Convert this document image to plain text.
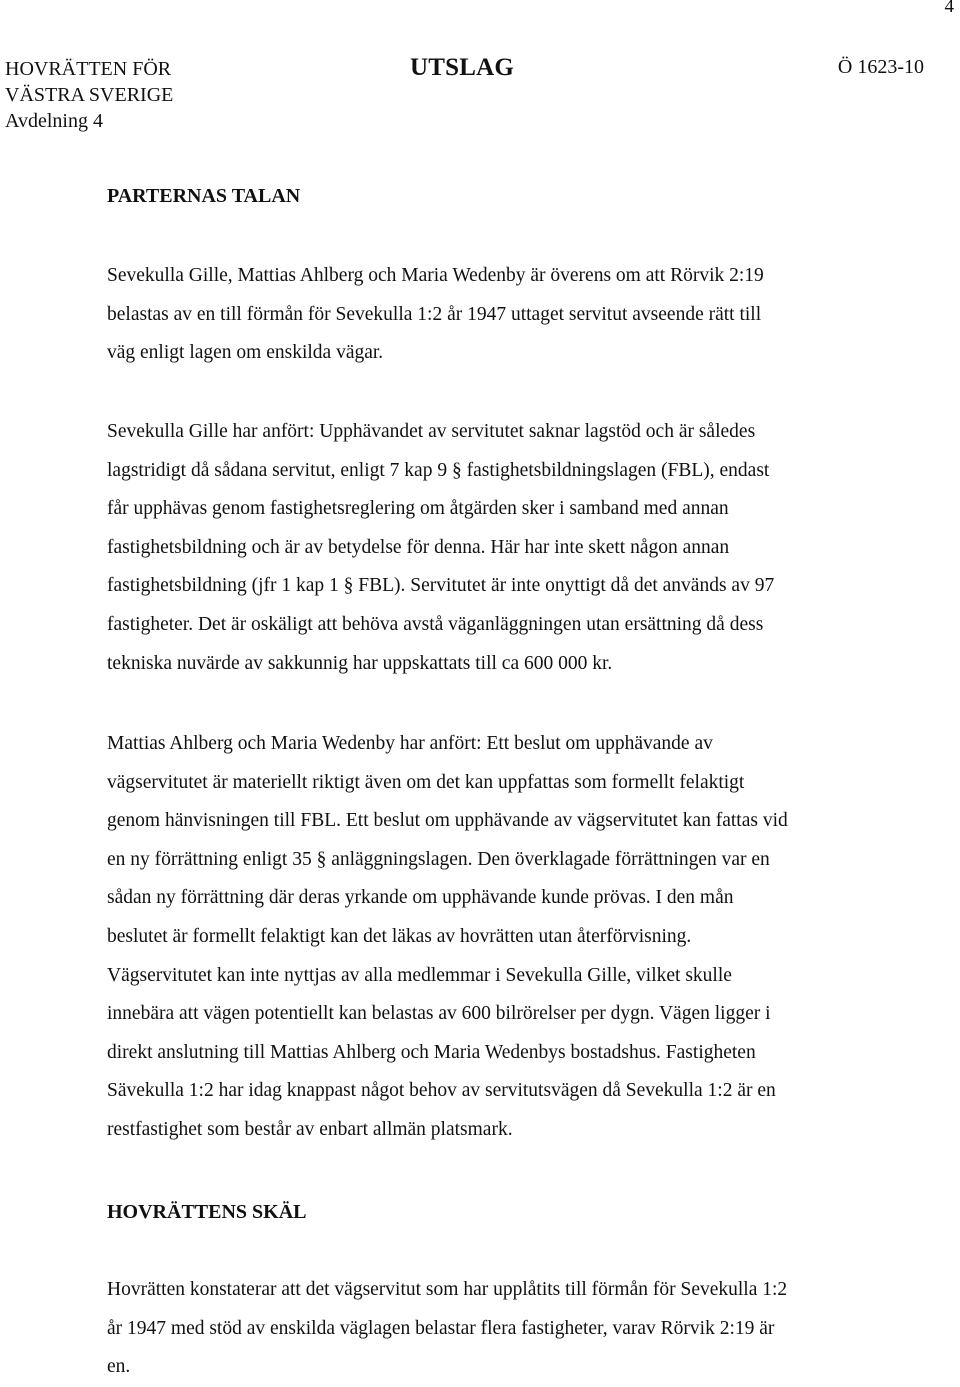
4
HOVRÄTTEN FÖR
VÄSTRA SVERIGE
Avdelning 4
UTSLAG	Ö 1623-10
PARTERNAS TALAN

Sevekulla Gille, Mattias Ahlberg och Maria Wedenby är överens om att Rörvik 2:19
belastas av en till förmån för Sevekulla 1:2 år 1947 uttaget servitut avseende rätt till
väg enligt lagen om enskilda vägar.

Sevekulla Gille har anfört: Upphävandet av servitutet saknar lagstöd och är således
lagstridigt då sådana servitut, enligt 7 kap 9 § fastighetsbildningslagen (FBL), endast
får upphävas genom fastighetsreglering om åtgärden sker i samband med annan
fastighetsbildning och är av betydelse för denna. Här har inte skett någon annan
fastighetsbildning (jfr 1 kap 1 § FBL). Servitutet är inte onyttigt då det används av 97
fastigheter. Det är oskäligt att behöva avstå väganläggningen utan ersättning då dess
tekniska nuvärde av sakkunnig har uppskattats till ca 600 000 kr.

Mattias Ahlberg och Maria Wedenby har anfört: Ett beslut om upphävande av
vägservitutet är materiellt riktigt även om det kan uppfattas som formellt felaktigt
genom hänvisningen till FBL. Ett beslut om upphävande av vägservitutet kan fattas vid
en ny förrättning enligt 35 § anläggningslagen. Den överklagade förrättningen var en
sådan ny förrättning där deras yrkande om upphävande kunde prövas. I den mån
beslutet är formellt felaktigt kan det läkas av hovrätten utan återförvisning.
Vägservitutet kan inte nyttjas av alla medlemmar i Sevekulla Gille, vilket skulle
innebära att vägen potentiellt kan belastas av 600 bilrörelser per dygn. Vägen ligger i
direkt anslutning till Mattias Ahlberg och Maria Wedenbys bostadshus. Fastigheten
Sävekulla 1:2 har idag knappast något behov av servitutsvägen då Sevekulla 1:2 är en
restfastighet som består av enbart allmän platsmark.

HOVRÄTTENS SKÄL

Hovrätten konstaterar att det vägservitut som har upplåtits till förmån för Sevekulla 1:2
år 1947 med stöd av enskilda väglagen belastar flera fastigheter, varav Rörvik 2:19 är
en.
